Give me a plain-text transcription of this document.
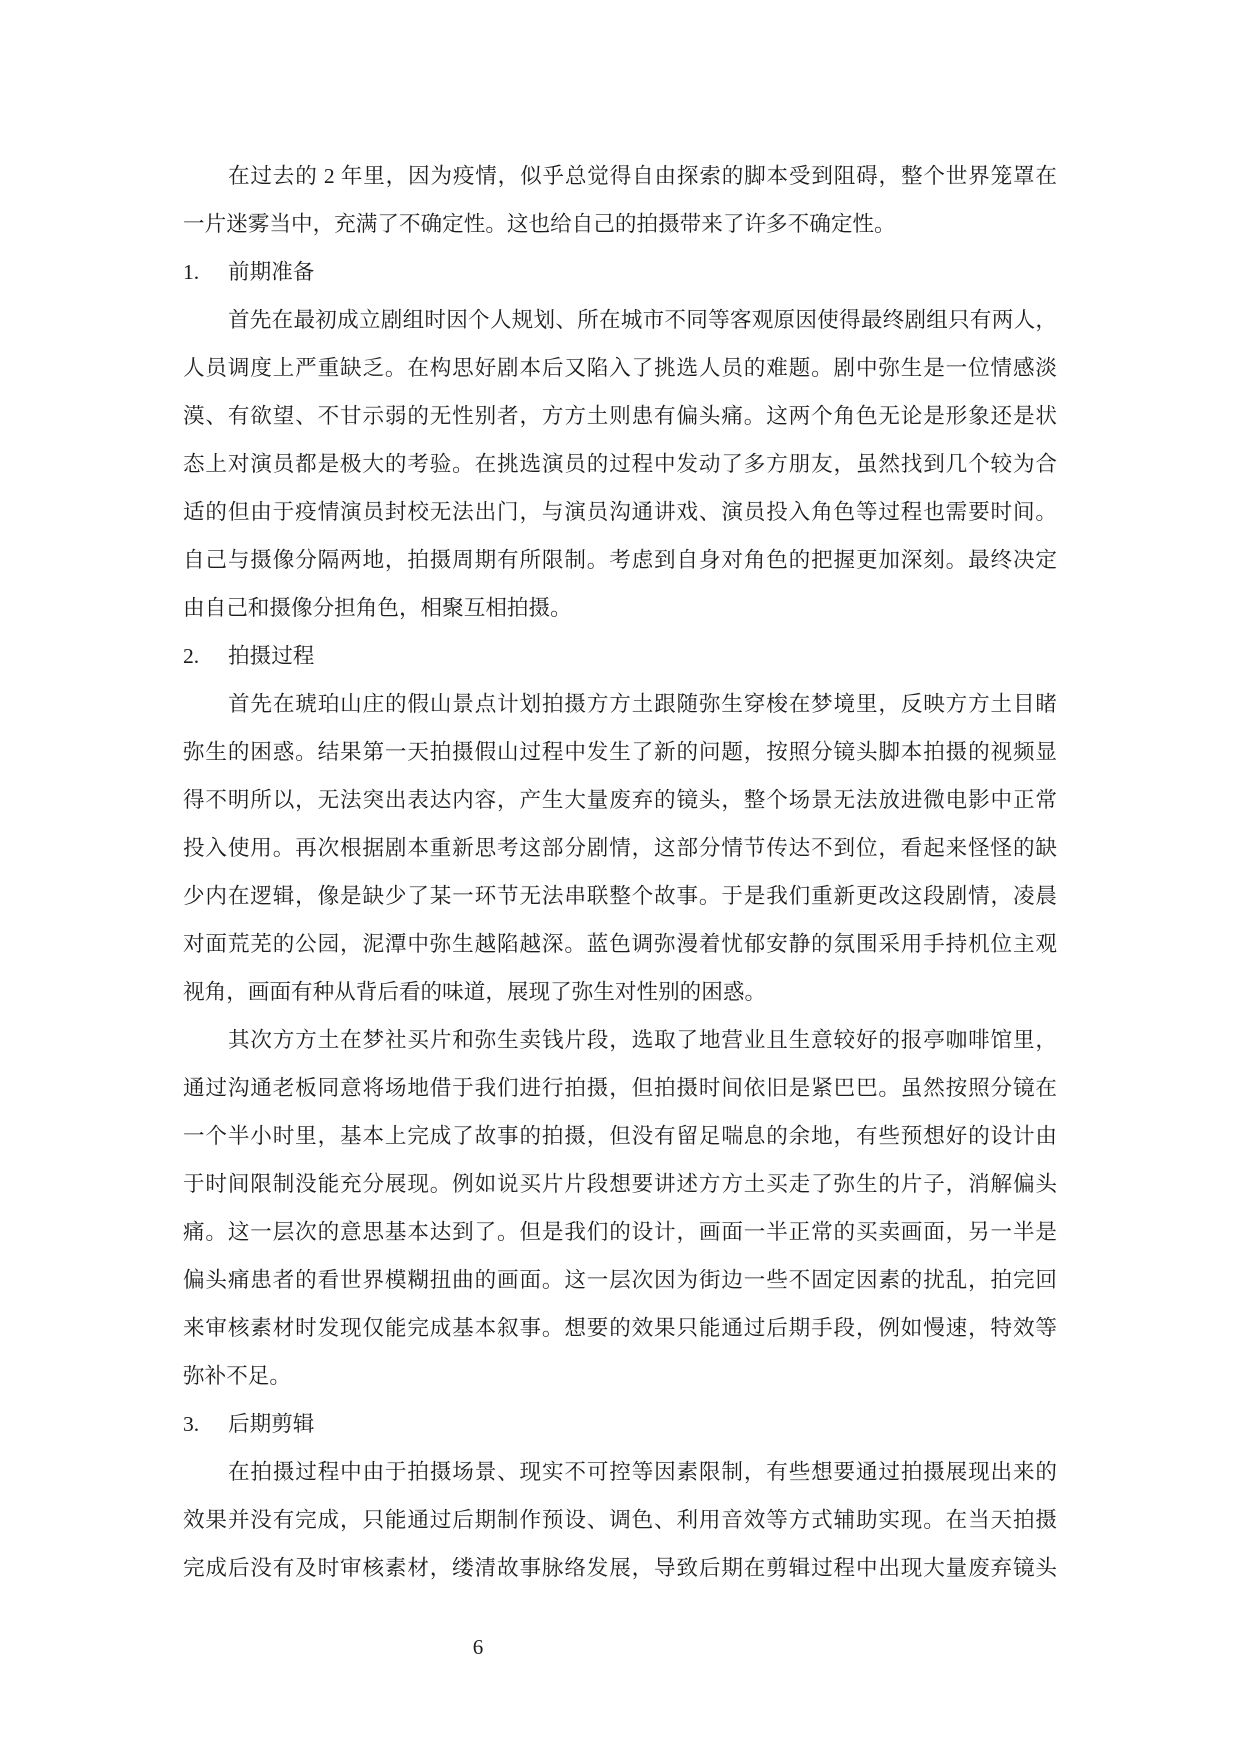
在过去的 2 年里，因为疫情，似乎总觉得自由探索的脚本受到阻碍，整个世界笼罩在
一片迷雾当中，充满了不确定性。这也给自己的拍摄带来了许多不确定性。
1. 前期准备
首先在最初成立剧组时因个人规划、所在城市不同等客观原因使得最终剧组只有两人，
人员调度上严重缺乏。在构思好剧本后又陷入了挑选人员的难题。剧中弥生是一位情感淡
漠、有欲望、不甘示弱的无性别者，方方土则患有偏头痛。这两个角色无论是形象还是状
态上对演员都是极大的考验。在挑选演员的过程中发动了多方朋友，虽然找到几个较为合
适的但由于疫情演员封校无法出门，与演员沟通讲戏、演员投入角色等过程也需要时间。
自己与摄像分隔两地，拍摄周期有所限制。考虑到自身对角色的把握更加深刻。最终决定
由自己和摄像分担角色，相聚互相拍摄。
2. 拍摄过程
首先在琥珀山庄的假山景点计划拍摄方方土跟随弥生穿梭在梦境里，反映方方土目睹
弥生的困惑。结果第一天拍摄假山过程中发生了新的问题，按照分镜头脚本拍摄的视频显
得不明所以，无法突出表达内容，产生大量废弃的镜头，整个场景无法放进微电影中正常
投入使用。再次根据剧本重新思考这部分剧情，这部分情节传达不到位，看起来怪怪的缺
少内在逻辑，像是缺少了某一环节无法串联整个故事。于是我们重新更改这段剧情，凌晨
对面荒芜的公园，泥潭中弥生越陷越深。蓝色调弥漫着忧郁安静的氛围采用手持机位主观
视角，画面有种从背后看的味道，展现了弥生对性别的困惑。
其次方方土在梦社买片和弥生卖钱片段，选取了地营业且生意较好的报亭咖啡馆里，
通过沟通老板同意将场地借于我们进行拍摄，但拍摄时间依旧是紧巴巴。虽然按照分镜在
一个半小时里，基本上完成了故事的拍摄，但没有留足喘息的余地，有些预想好的设计由
于时间限制没能充分展现。例如说买片片段想要讲述方方土买走了弥生的片子，消解偏头
痛。这一层次的意思基本达到了。但是我们的设计，画面一半正常的买卖画面，另一半是
偏头痛患者的看世界模糊扭曲的画面。这一层次因为街边一些不固定因素的扰乱，拍完回
来审核素材时发现仅能完成基本叙事。想要的效果只能通过后期手段，例如慢速，特效等
弥补不足。
3. 后期剪辑
在拍摄过程中由于拍摄场景、现实不可控等因素限制，有些想要通过拍摄展现出来的
效果并没有完成，只能通过后期制作预设、调色、利用音效等方式辅助实现。在当天拍摄
完成后没有及时审核素材，缕清故事脉络发展，导致后期在剪辑过程中出现大量废弃镜头
6
